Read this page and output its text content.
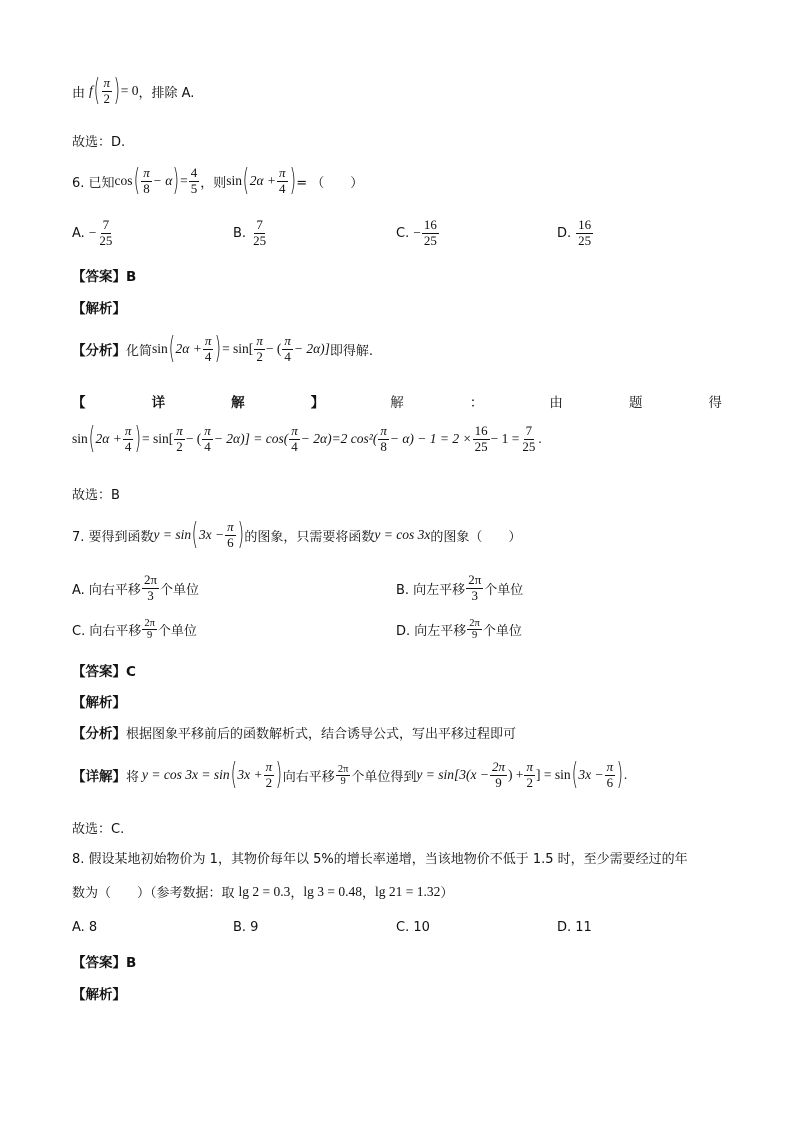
由 f ( $\frac{\pi}{2}$ ) = 0 ，排除 A.
故选：D.
6. 已知 cos ( $\frac{\pi}{8} - \alpha$ ) = $\frac{4}{5}$ ，则 sin ( $2\alpha + \frac{\pi}{4}$ ) = （　　）
A. − $\frac{7}{25}$	B. $\frac{7}{25}$	C. − $\frac{16}{25}$	D. $\frac{16}{25}$
【答案】B
【解析】
【分析】 化简 sin ( $2\alpha + \frac{\pi}{4}$ ) = $\sin[ \frac{\pi}{2}$ − ( $\frac{\pi}{4} - 2\alpha$)] 即得解.
【	详	解	】	解	：	由	题	得
sin ( $2\alpha + \frac{\pi}{4}$ ) = $\sin[ \frac{\pi}{2}$ − ( $\frac{\pi}{4} - 2\alpha)] = \cos( \frac{\pi}{4} - 2\alpha)=2$ $\cos^2( \frac{\pi}{8} - \alpha) - 1 = 2 \times \frac{16}{25} - 1 = \frac{7}{25}$ .
故选：B
7. 要得到函数 y = sin ( $3x - \frac{\pi}{6}$ ) 的图象，只需要将函数 y = cos 3x 的图象（　　）
A. 向右平移 $\frac{2\pi}{3}$ 个单位	B. 向左平移 $\frac{2\pi}{3}$ 个单位
C. 向右平移 $\frac{2\pi}{9}$ 个单位	D. 向左平移 $\frac{2\pi}{9}$ 个单位
【答案】C
【解析】
【分析】 根据图象平移前后的函数解析式，结合诱导公式，写出平移过程即可
【详解】 将 y = cos 3x = sin ( $3x + \frac{\pi}{2}$ ) 向右平移 $\frac{2\pi}{9}$ 个单位得到 $y = \sin[3(x - \frac{2\pi}{9}$ ) + $\frac{\pi}{2}$ ] = sin ( $3x - \frac{\pi}{6}$ ) .
故选：C.
8. 假设某地初始物价为 1，其物价每年以 5%的增长率递增，当该地物价不低于 1.5 时，至少需要经过的年
数为（　　）（参考数据：取 lg 2 = 0.3 ， lg 3 = 0.48 ， lg 21 = 1.32 ）
A. 8	B. 9	C. 10	D. 11
【答案】B
【解析】
